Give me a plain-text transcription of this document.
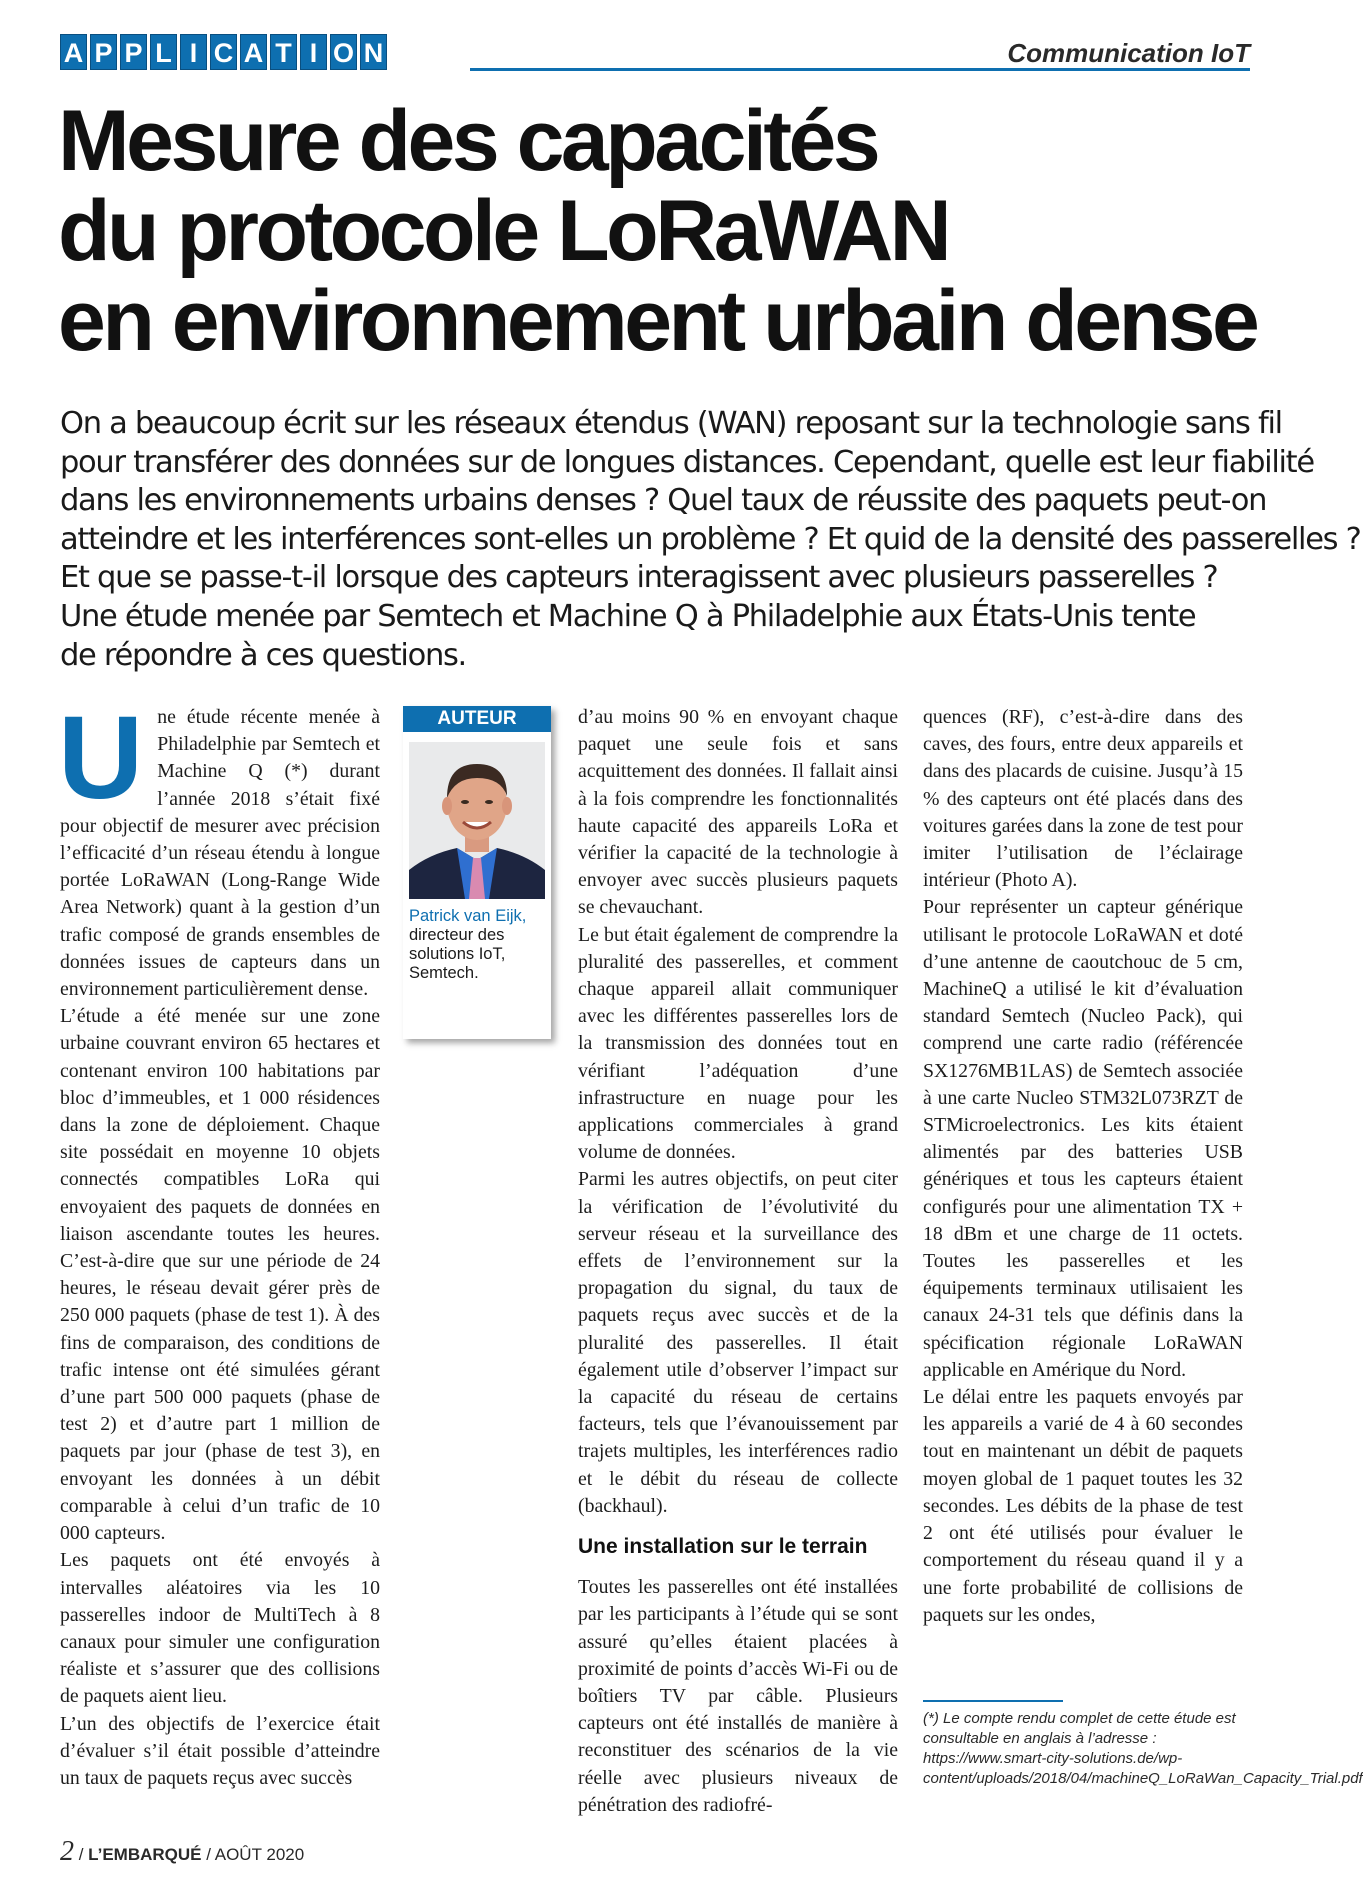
A P P L I C A T I O N	Communication IoT
Mesure des capacités
du protocole LoRaWAN
en environnement urbain dense
On a beaucoup écrit sur les réseaux étendus (WAN) reposant sur la technologie sans fil
pour transférer des données sur de longues distances. Cependant, quelle est leur fiabilité
dans les environnements urbains denses ? Quel taux de réussite des paquets peut-on
atteindre et les interférences sont-elles un problème ? Et quid de la densité des passerelles ?
Et que se passe-t-il lorsque des capteurs interagissent avec plusieurs passerelles ?
Une étude menée par Semtech et Machine Q à Philadelphie aux États-Unis tente
de répondre à ces questions.

Une étude récente menée à Philadelphie par Semtech et Machine Q (*) durant l’année 2018 s’était fixé pour objectif de mesurer avec précision l’efficacité d’un réseau étendu à longue portée LoRaWAN (Long-Range Wide Area Network) quant à la gestion d’un trafic composé de grands ensembles de données issues de capteurs dans un environnement particulièrement dense.

L’étude a été menée sur une zone urbaine couvrant environ 65 hectares et contenant environ 100 habitations par bloc d’immeubles, et 1 000 résidences dans la zone de déploiement. Chaque site possédait en moyenne 10 objets connectés compatibles LoRa qui envoyaient des paquets de données en liaison ascendante toutes les heures. C’est-à-dire que sur une période de 24 heures, le réseau devait gérer près de 250 000 paquets (phase de test 1). À des fins de comparaison, des conditions de trafic intense ont été simulées gérant d’une part 500 000 paquets (phase de test 2) et d’autre part 1 million de paquets par jour (phase de test 3), en envoyant les données à un débit comparable à celui d’un trafic de 10 000 capteurs.

Les paquets ont été envoyés à intervalles aléatoires via les 10 passerelles indoor de MultiTech à 8 canaux pour simuler une configuration réaliste et s’assurer que des collisions de paquets aient lieu.

L’un des objectifs de l’exercice était d’évaluer s’il était possible d’atteindre un taux de paquets reçus avec succès

AUTEUR
Patrick van Eijk,
directeur des solutions IoT, Semtech.

d’au moins 90 % en envoyant chaque paquet une seule fois et sans acquittement des données. Il fallait ainsi à la fois comprendre les fonctionnalités haute capacité des appareils LoRa et vérifier la capacité de la technologie à envoyer avec succès plusieurs paquets se chevauchant.

Le but était également de comprendre la pluralité des passerelles, et comment chaque appareil allait communiquer avec les différentes passerelles lors de la transmission des données tout en vérifiant l’adéquation d’une infrastructure en nuage pour les applications commerciales à grand volume de données.

Parmi les autres objectifs, on peut citer la vérification de l’évolutivité du serveur réseau et la surveillance des effets de l’environnement sur la propagation du signal, du taux de paquets reçus avec succès et de la pluralité des passerelles. Il était également utile d’observer l’impact sur la capacité du réseau de certains facteurs, tels que l’évanouissement par trajets multiples, les interférences radio et le débit du réseau de collecte (backhaul).

Une installation sur le terrain

Toutes les passerelles ont été installées par les participants à l’étude qui se sont assuré qu’elles étaient placées à proximité de points d’accès Wi-Fi ou de boîtiers TV par câble. Plusieurs capteurs ont été installés de manière à reconstituer des scénarios de la vie réelle avec plusieurs niveaux de pénétration des radiofré-

quences (RF), c’est-à-dire dans des caves, des fours, entre deux appareils et dans des placards de cuisine. Jusqu’à 15 % des capteurs ont été placés dans des voitures garées dans la zone de test pour imiter l’utilisation de l’éclairage intérieur (Photo A).

Pour représenter un capteur générique utilisant le protocole LoRaWAN et doté d’une antenne de caoutchouc de 5 cm, MachineQ a utilisé le kit d’évaluation standard Semtech (Nucleo Pack), qui comprend une carte radio (référencée SX1276MB1LAS) de Semtech associée à une carte Nucleo STM32L073RZT de STMicroelectronics. Les kits étaient alimentés par des batteries USB génériques et tous les capteurs étaient configurés pour une alimentation TX + 18 dBm et une charge de 11 octets. Toutes les passerelles et les équipements terminaux utilisaient les canaux 24-31 tels que définis dans la spécification régionale LoRaWAN applicable en Amérique du Nord.

Le délai entre les paquets envoyés par les appareils a varié de 4 à 60 secondes tout en maintenant un débit de paquets moyen global de 1 paquet toutes les 32 secondes. Les débits de la phase de test 2 ont été utilisés pour évaluer le comportement du réseau quand il y a une forte probabilité de collisions de paquets sur les ondes,

(*) Le compte rendu complet de cette étude est consultable en anglais à l’adresse : https://www.smart-city-solutions.de/wp-content/uploads/2018/04/machineQ_LoRaWan_Capacity_Trial.pdf
2 / L’EMBARQUÉ / AOÛT 2020
